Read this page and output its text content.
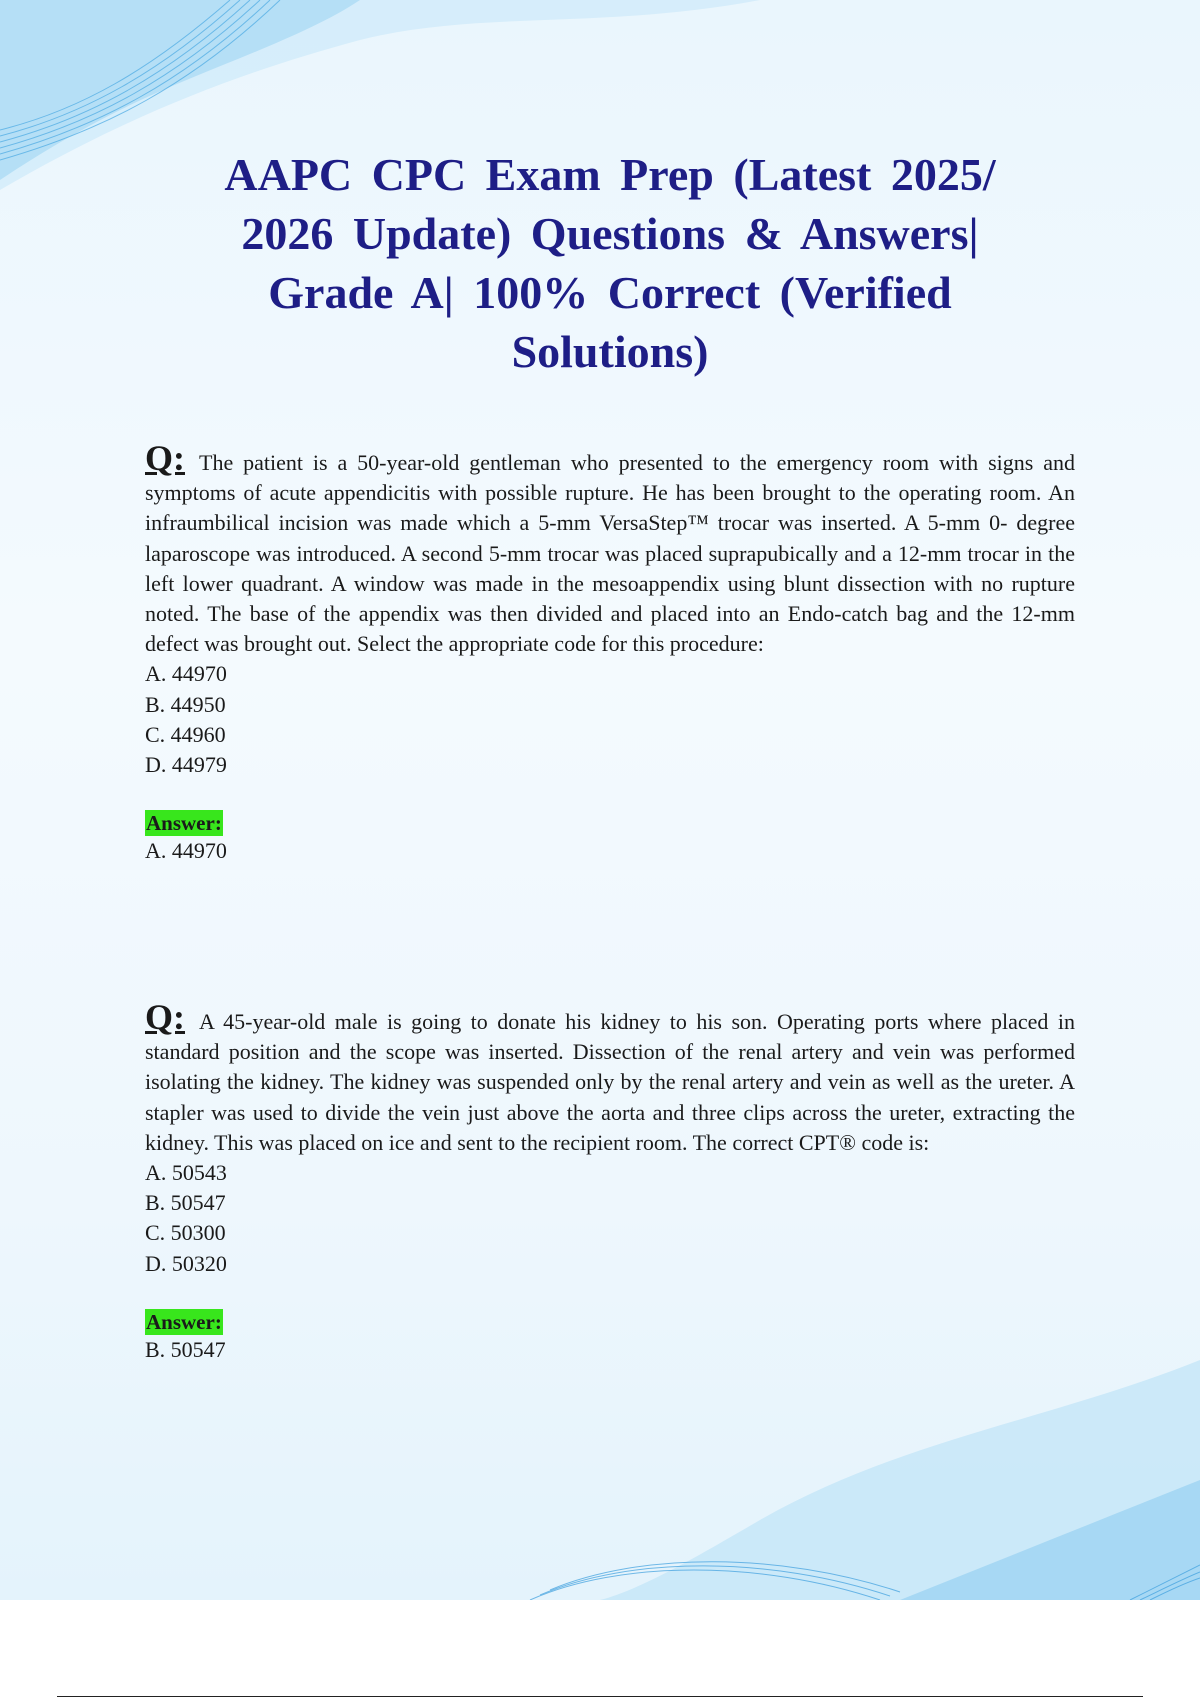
AAPC CPC Exam Prep (Latest 2025/ 2026 Update) Questions & Answers| Grade A| 100% Correct (Verified Solutions)

Q: The patient is a 50-year-old gentleman who presented to the emergency room with signs and symptoms of acute appendicitis with possible rupture. He has been brought to the operating room. An infraumbilical incision was made which a 5-mm VersaStep™ trocar was inserted. A 5-mm 0- degree laparoscope was introduced. A second 5-mm trocar was placed suprapubically and a 12-mm trocar in the left lower quadrant. A window was made in the mesoappendix using blunt dissection with no rupture noted. The base of the appendix was then divided and placed into an Endo-catch bag and the 12-mm defect was brought out. Select the appropriate code for this procedure:

A. 44970
B. 44950
C. 44960
D. 44979
Answer:
A. 44970

Q: A 45-year-old male is going to donate his kidney to his son. Operating ports where placed in standard position and the scope was inserted. Dissection of the renal artery and vein was performed isolating the kidney. The kidney was suspended only by the renal artery and vein as well as the ureter. A stapler was used to divide the vein just above the aorta and three clips across the ureter, extracting the kidney. This was placed on ice and sent to the recipient room. The correct CPT® code is:

A. 50543
B. 50547
C. 50300
D. 50320
Answer:
B. 50547
